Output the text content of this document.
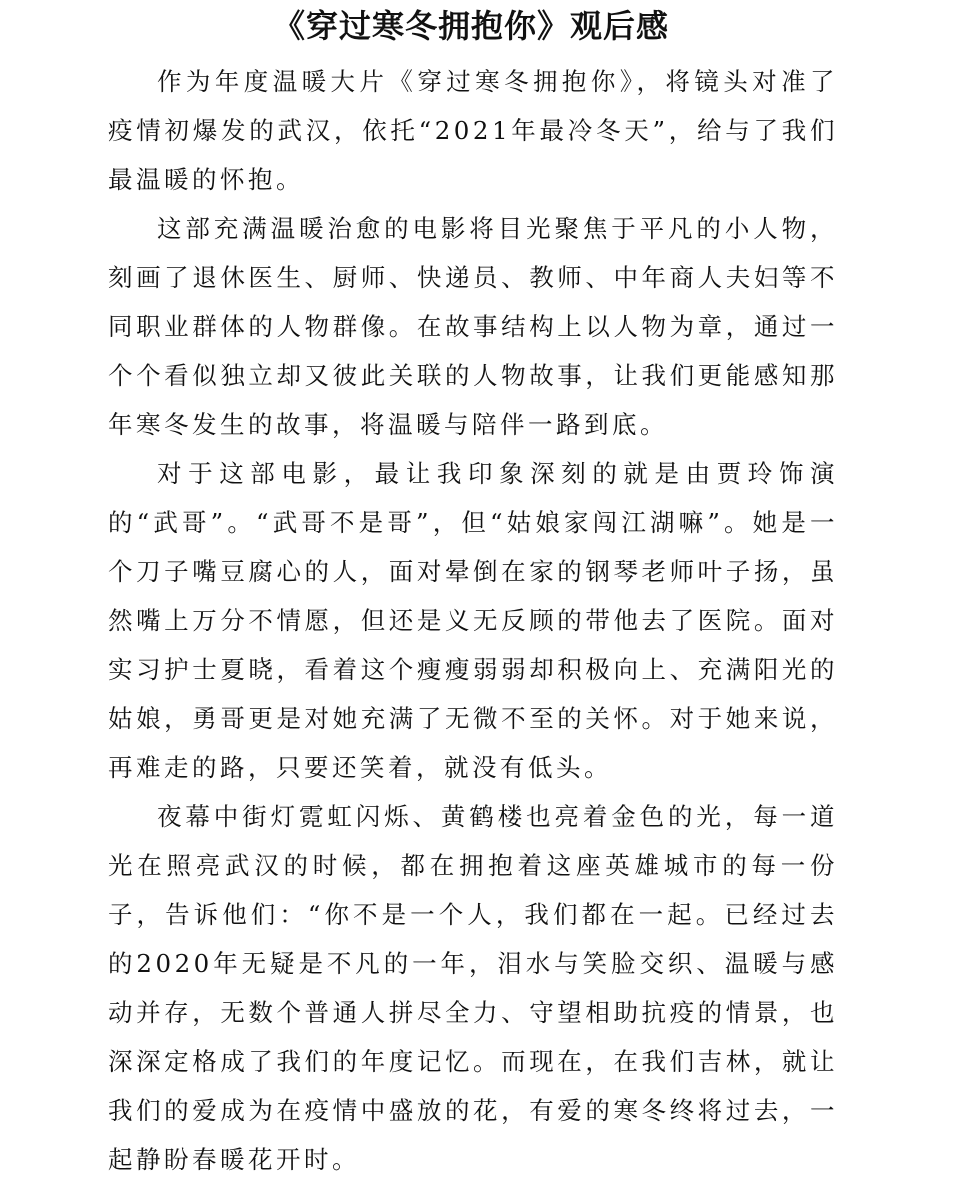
《穿过寒冬拥抱你》观后感

作为年度温暖大片《穿过寒冬拥抱你》，将镜头对准了疫情初爆发的武汉，依托“2021年最冷冬天”，给与了我们最温暖的怀抱。

这部充满温暖治愈的电影将目光聚焦于平凡的小人物，刻画了退休医生、厨师、快递员、教师、中年商人夫妇等不同职业群体的人物群像。在故事结构上以人物为章，通过一个个看似独立却又彼此关联的人物故事，让我们更能感知那年寒冬发生的故事，将温暖与陪伴一路到底。

对于这部电影，最让我印象深刻的就是由贾玲饰演的“武哥”。“武哥不是哥”，但“姑娘家闯江湖嘛”。她是一个刀子嘴豆腐心的人，面对晕倒在家的钢琴老师叶子扬，虽然嘴上万分不情愿，但还是义无反顾的带他去了医院。面对实习护士夏晓，看着这个瘦瘦弱弱却积极向上、充满阳光的姑娘，勇哥更是对她充满了无微不至的关怀。对于她来说，再难走的路，只要还笑着，就没有低头。

夜幕中街灯霓虹闪烁、黄鹤楼也亮着金色的光，每一道光在照亮武汉的时候，都在拥抱着这座英雄城市的每一份子，告诉他们：“你不是一个人，我们都在一起。已经过去的2020年无疑是不凡的一年，泪水与笑脸交织、温暖与感动并存，无数个普通人拼尽全力、守望相助抗疫的情景，也深深定格成了我们的年度记忆。而现在，在我们吉林，就让我们的爱成为在疫情中盛放的花，有爱的寒冬终将过去，一起静盼春暖花开时。
